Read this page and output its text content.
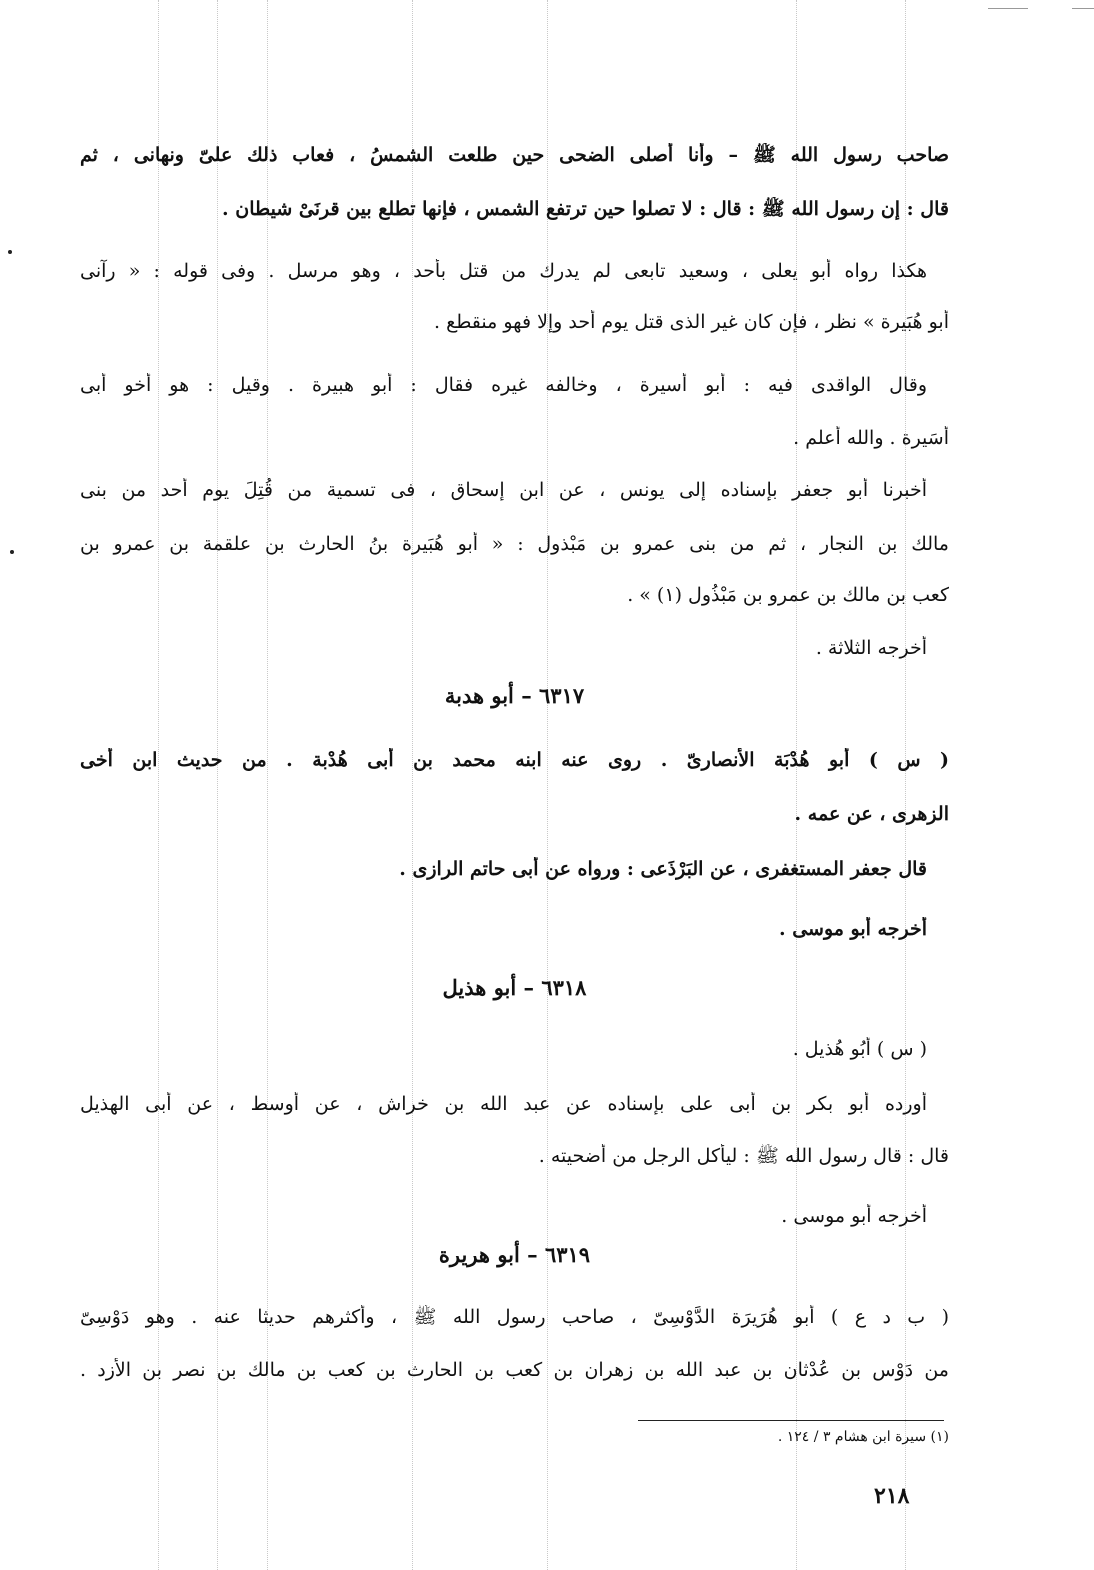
صاحب رسول الله ﷺ – وأنا أصلى الضحى حين طلعت الشمسُ ، فعاب ذلك علىّ ونهانى ، ثم
قال : إن رسول الله ﷺ : قال : لا تصلوا حين ترتفع الشمس ، فإنها تطلع بين قرنَىْ شيطان .
هكذا رواه أبو يعلى ، وسعيد تابعى لم يدرك من قتل بأُحد ، وهو مرسل . وفى قوله : « رآنى
أبو هُبَيرة » نظر ، فإن كان غير الذى قتل يوم أُحد وإلا فهو منقطع .
وقال الواقدى فيه : أبو أُسيرة ، وخالفه غيره فقال : أبو هبيرة . وقيل : هو أخو أبى
أُسَيرة . والله أعلم .
أخبرنا أبو جعفر بإسناده إلى يونس ، عن ابن إسحاق ، فى تسمية من قُتِلَ يوم أُحد من بنى
مالك بن النجار ، ثم من بنى عمرو بن مَبْذول : « أبو هُبَيرة بنُ الحارث بن علقمة بن عمرو بن
كعب بن مالك بن عمرو بن مَبْذُول (١) » .
أخرجه الثلاثة .
٦٣١٧ – أبو هدبة
( س ) أبو هُدْبَة الأنصارىّ . روى عنه ابنه محمد بن أبى هُدْبة . من حديث ابن أخى
الزهرى ، عن عمه .
قال جعفر المستغفرى ، عن البَرْذَعى : ورواه عن أبى حاتم الرازى .
أخرجه أبو موسى .
٦٣١٨ – أبو هذيل
( س ) أبُو هُذيل .
أورده أبو بكر بن أبى على بإسناده عن عبد الله بن خراش ، عن أوسط ، عن أبى الهذيل
قال : قال رسول الله ﷺ : ليأكل الرجل من أُضحيته .
أخرجه أبو موسى .
٦٣١٩ – أبو هريرة
( ب د ع ) أبو هُرَيرَة الدَّوْسِىّ ، صاحب رسول الله ﷺ ، وأكثرهم حديثا عنه . وهو دَوْسِىّ
من دَوْس بن عُدْثان بن عبد الله بن زهران بن كعب بن الحارث بن كعب بن مالك بن نصر بن الأزد .
(١) سيرة ابن هشام ٣ / ١٢٤ .
٢١٨
